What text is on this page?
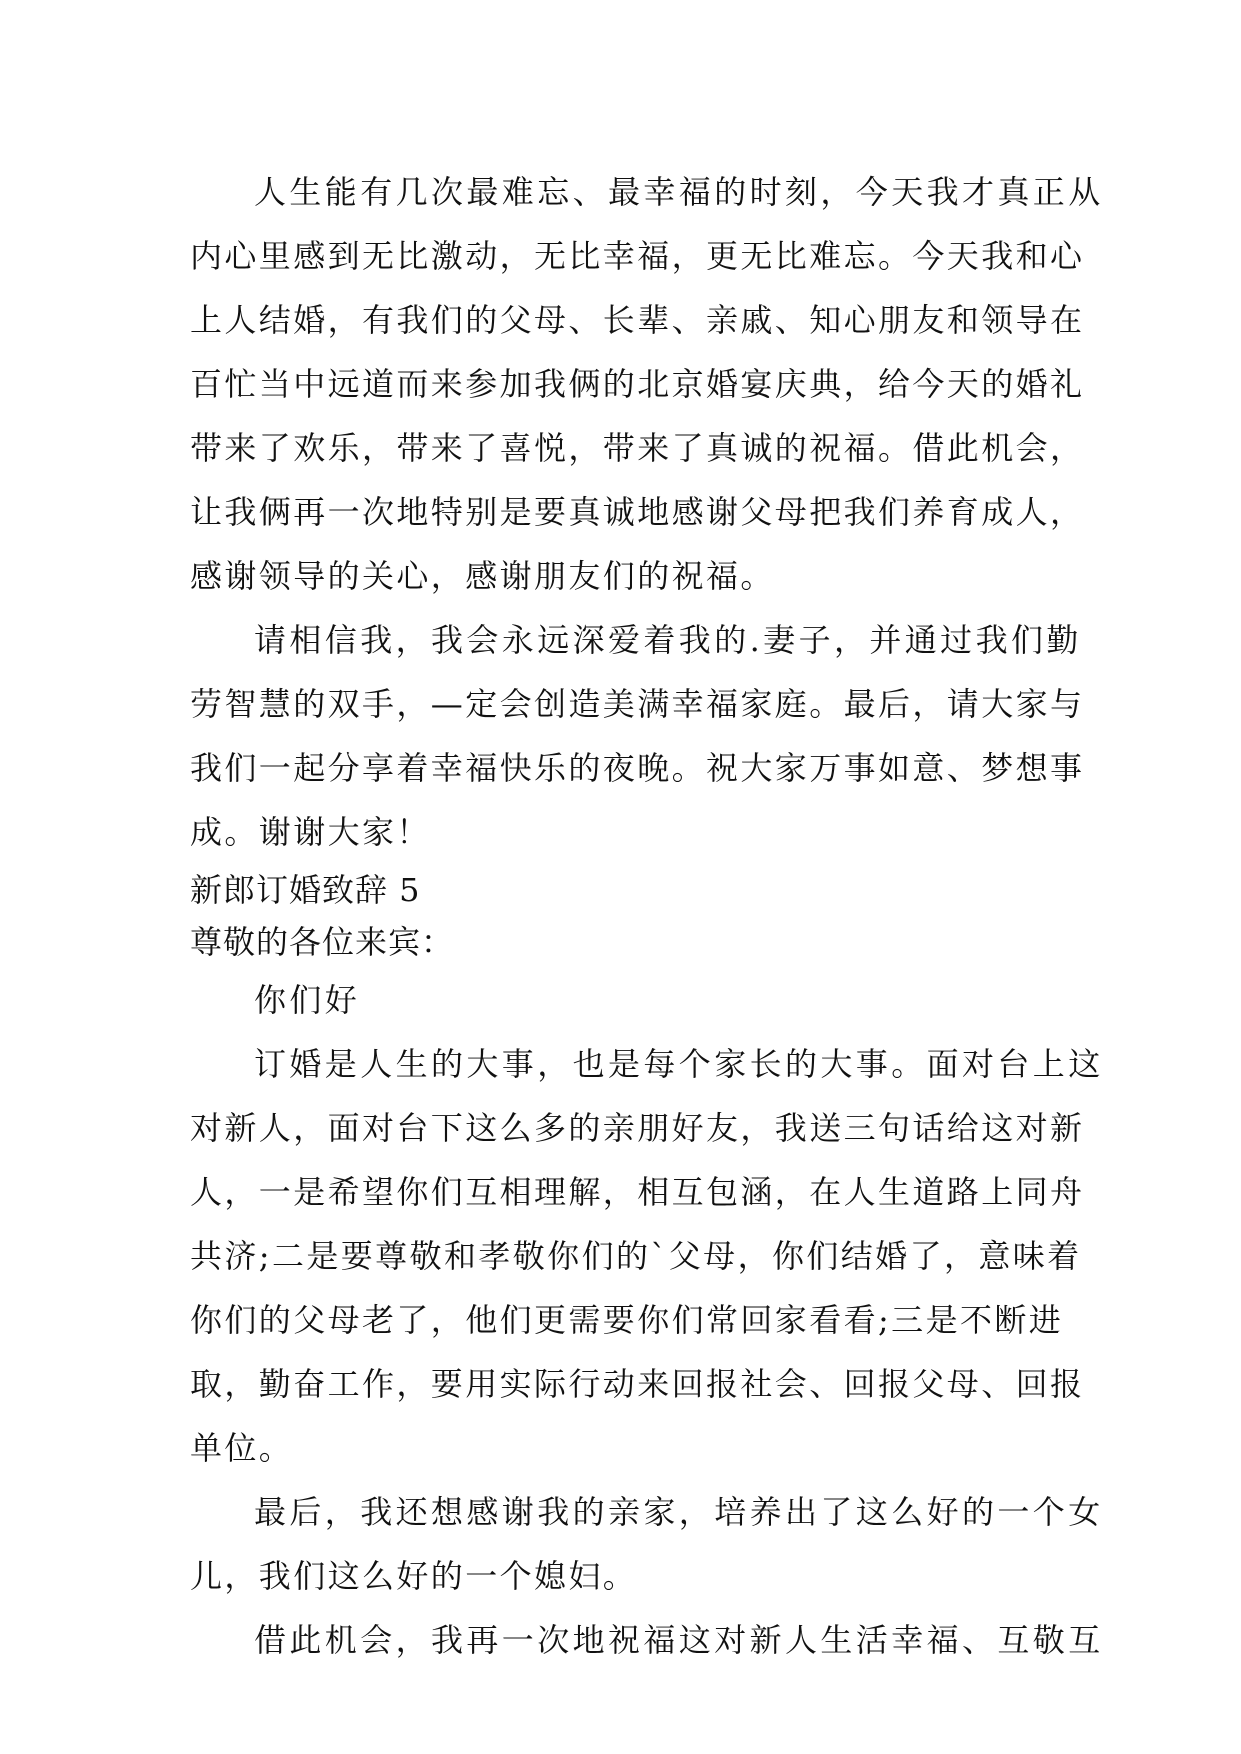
人生能有几次最难忘、最幸福的时刻，今天我才真正从
内心里感到无比激动，无比幸福，更无比难忘。今天我和心
上人结婚，有我们的父母、长辈、亲戚、知心朋友和领导在
百忙当中远道而来参加我俩的北京婚宴庆典，给今天的婚礼
带来了欢乐，带来了喜悦，带来了真诚的祝福。借此机会，
让我俩再一次地特别是要真诚地感谢父母把我们养育成人，
感谢领导的关心，感谢朋友们的祝福。
请相信我，我会永远深爱着我的.妻子，并通过我们勤
劳智慧的双手，—定会创造美满幸福家庭。最后，请大家与
我们一起分享着幸福快乐的夜晚。祝大家万事如意、梦想事
成。谢谢大家！
新郎订婚致辞 5
尊敬的各位来宾：
你们好
订婚是人生的大事，也是每个家长的大事。面对台上这
对新人，面对台下这么多的亲朋好友，我送三句话给这对新
人，一是希望你们互相理解，相互包涵，在人生道路上同舟
共济;二是要尊敬和孝敬你们的`父母，你们结婚了，意味着
你们的父母老了，他们更需要你们常回家看看;三是不断进
取，勤奋工作，要用实际行动来回报社会、回报父母、回报
单位。
最后，我还想感谢我的亲家，培养出了这么好的一个女
儿，我们这么好的一个媳妇。
借此机会，我再一次地祝福这对新人生活幸福、互敬互
